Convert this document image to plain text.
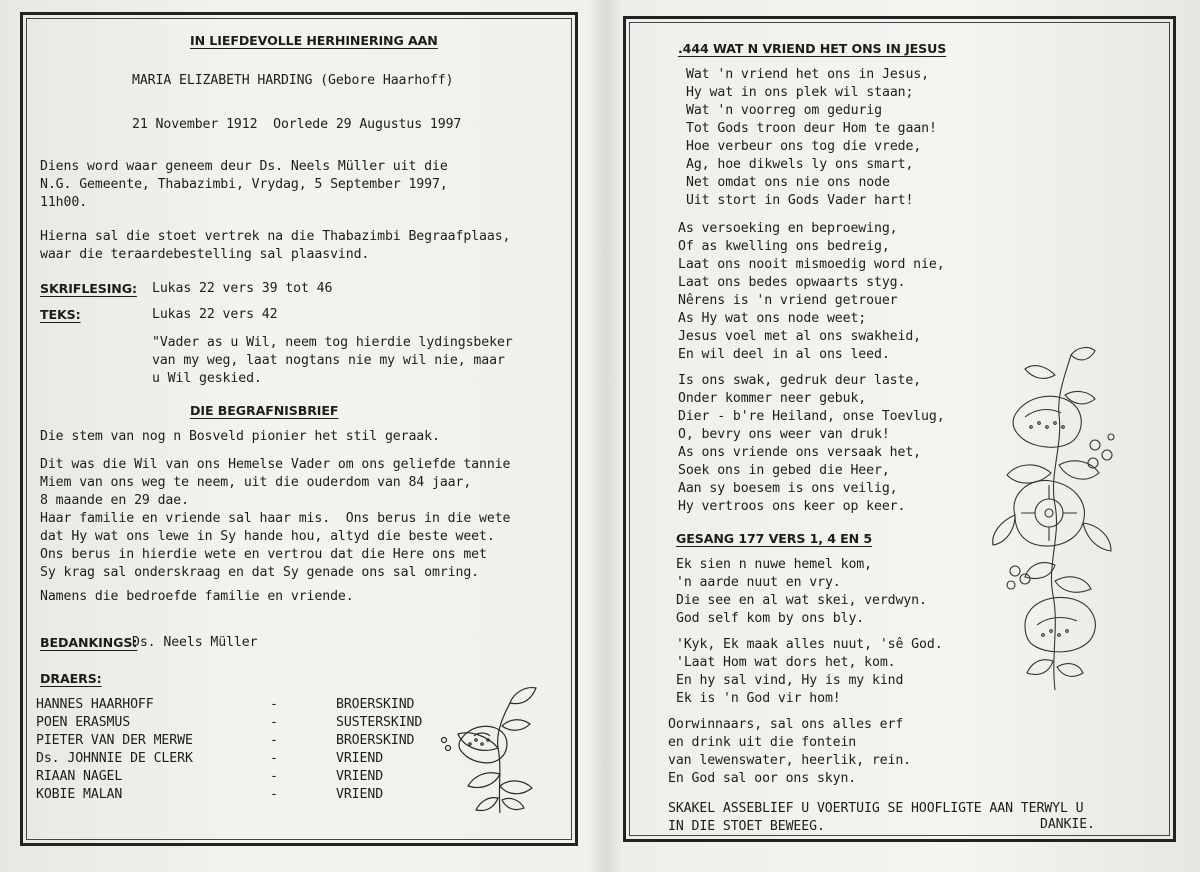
IN LIEFDEVOLLE HERHINERING AAN
MARIA ELIZABETH HARDING (Gebore Haarhoff)
21 November 1912  Oorlede 29 Augustus 1997
Diens word waar geneem deur Ds. Neels Müller uit die
N.G. Gemeente, Thabazimbi, Vrydag, 5 September 1997,
11h00.
Hierna sal die stoet vertrek na die Thabazimbi Begraafplaas,
waar die teraardebestelling sal plaasvind.
SKRIFLESING: Lukas 22 vers 39 tot 46
TEKS:	Lukas 22 vers 42
"Vader as u Wil, neem tog hierdie lydingsbeker
van my weg, laat nogtans nie my wil nie, maar
u Wil geskied.
DIE BEGRAFNISBRIEF
Die stem van nog n Bosveld pionier het stil geraak.
Dit was die Wil van ons Hemelse Vader om ons geliefde tannie
Miem van ons weg te neem, uit die ouderdom van 84 jaar,
8 maande en 29 dae.
Haar familie en vriende sal haar mis.  Ons berus in die wete
dat Hy wat ons lewe in Sy hande hou, altyd die beste weet.
Ons berus in hierdie wete en vertrou dat die Here ons met
Sy krag sal onderskraag en dat Sy genade ons sal omring.
Namens die bedroefde familie en vriende.
BEDANKINGS:
Ds. Neels Müller
DRAERS:
HANNES HAARHOFF	-	BROERSKIND
POEN ERASMUS	-	SUSTERSKIND
PIETER VAN DER MERWE	-	BROERSKIND
Ds. JOHNNIE DE CLERK	-	VRIEND
RIAAN NAGEL	-	VRIEND
KOBIE MALAN	-	VRIEND
.444 WAT N VRIEND HET ONS IN JESUS
Wat 'n vriend het ons in Jesus,
Hy wat in ons plek wil staan;
Wat 'n voorreg om gedurig
Tot Gods troon deur Hom te gaan!
Hoe verbeur ons tog die vrede,
Ag, hoe dikwels ly ons smart,
Net omdat ons nie ons node
Uit stort in Gods Vader hart!
As versoeking en beproewing,
Of as kwelling ons bedreig,
Laat ons nooit mismoedig word nie,
Laat ons bedes opwaarts styg.
Nêrens is 'n vriend getrouer
As Hy wat ons node weet;
Jesus voel met al ons swakheid,
En wil deel in al ons leed.
Is ons swak, gedruk deur laste,
Onder kommer neer gebuk,
Dier - b're Heiland, onse Toevlug,
O, bevry ons weer van druk!
As ons vriende ons versaak het,
Soek ons in gebed die Heer,
Aan sy boesem is ons veilig,
Hy vertroos ons keer op keer.
GESANG 177 VERS 1, 4 EN 5
Ek sien n nuwe hemel kom,
'n aarde nuut en vry.
Die see en al wat skei, verdwyn.
God self kom by ons bly.
'Kyk, Ek maak alles nuut, 'sê God.
'Laat Hom wat dors het, kom.
En hy sal vind, Hy is my kind
Ek is 'n God vir hom!
Oorwinnaars, sal ons alles erf
en drink uit die fontein
van lewenswater, heerlik, rein.
En God sal oor ons skyn.
SKAKEL ASSEBLIEF U VOERTUIG SE HOOFLIGTE AAN TERWYL U
IN DIE STOET BEWEEG.	DANKIE.
